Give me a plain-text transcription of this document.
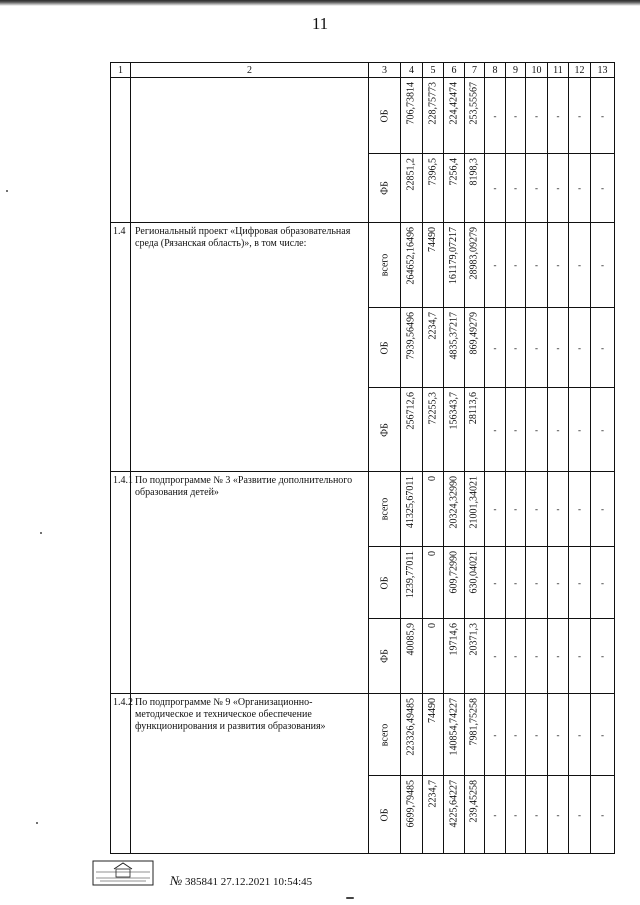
11
1	2	3	4	5	6	7	8	9	10	11	12	13

		ОБ	706,73814	228,75773	224,42474	253,55567	-	-	-	-	-	-

		ФБ	22851,2	7396,5	7256,4	8198,3	-	-	-	-	-	-

1.4	Региональный проект «Цифровая образовательная среда (Рязанская область)», в том числе:	всего	264652,16496	74490	161179,07217	28983,09279	-	-	-	-	-	-

		ОБ	7939,56496	2234,7	4835,37217	869,49279	-	-	-	-	-	-

		ФБ	256712,6	72255,3	156343,7	28113,6	-	-	-	-	-	-

1.4.1	По подпрограмме № 3 «Развитие дополнительного образования детей»	всего	41325,67011	0	20324,32990	21001,34021	-	-	-	-	-	-

		ОБ	1239,77011	0	609,72990	630,04021	-	-	-	-	-	-

		ФБ	40085,9	0	19714,6	20371,3	-	-	-	-	-	-

1.4.2	По подпрограмме № 9 «Организационно-методическое и техническое обеспечение функционирования и развития образования»	всего	223326,49485	74490	140854,74227	7981,75258	-	-	-	-	-	-

		ОБ	6699,79485	2234,7	4225,64227	239,45258	-	-	-	-	-	-
№ 385841 27.12.2021 10:54:45
